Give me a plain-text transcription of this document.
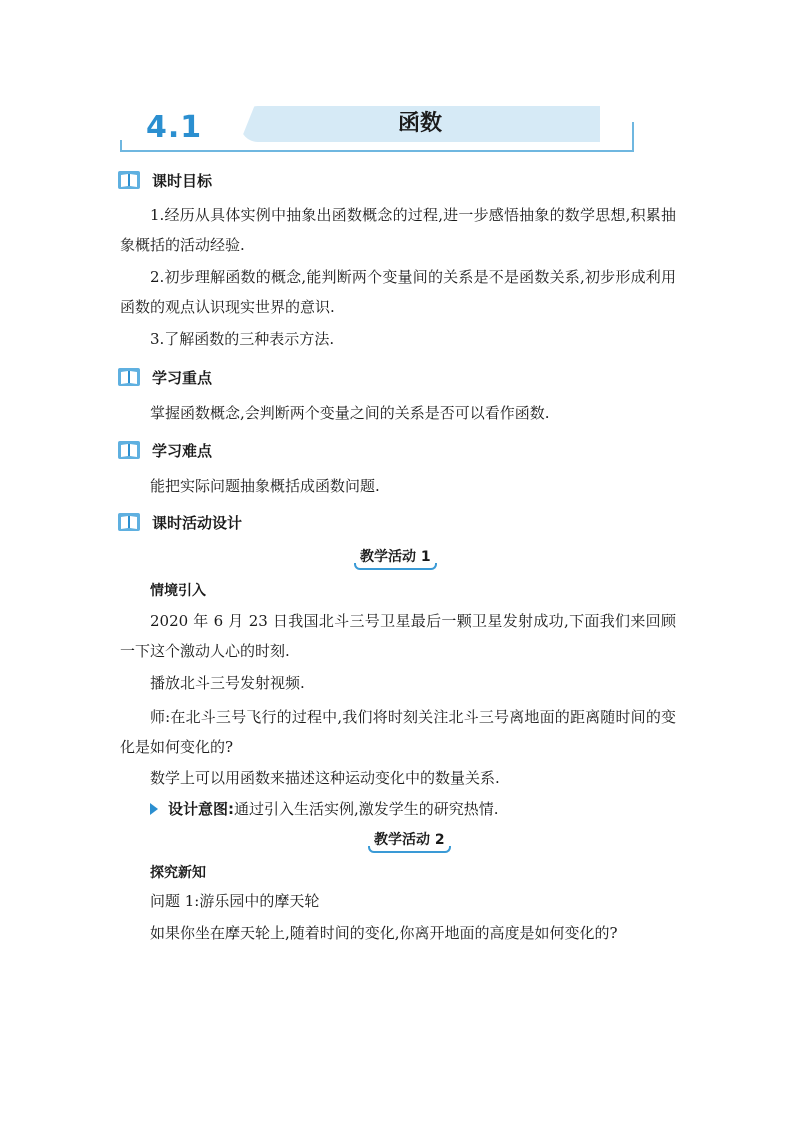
4.1	函数
课时目标
1.经历从具体实例中抽象出函数概念的过程,进一步感悟抽象的数学思想,积累抽象概括的活动经验.
2.初步理解函数的概念,能判断两个变量间的关系是不是函数关系,初步形成利用函数的观点认识现实世界的意识.
3.了解函数的三种表示方法.
学习重点
掌握函数概念,会判断两个变量之间的关系是否可以看作函数.
学习难点
能把实际问题抽象概括成函数问题.
课时活动设计
教学活动 1
情境引入
2020 年 6 月 23 日我国北斗三号卫星最后一颗卫星发射成功,下面我们来回顾一下这个激动人心的时刻.
播放北斗三号发射视频.
师:在北斗三号飞行的过程中,我们将时刻关注北斗三号离地面的距离随时间的变化是如何变化的?
数学上可以用函数来描述这种运动变化中的数量关系.
设计意图: 通过引入生活实例,激发学生的研究热情.
教学活动 2
探究新知
问题 1:游乐园中的摩天轮
如果你坐在摩天轮上,随着时间的变化,你离开地面的高度是如何变化的?
